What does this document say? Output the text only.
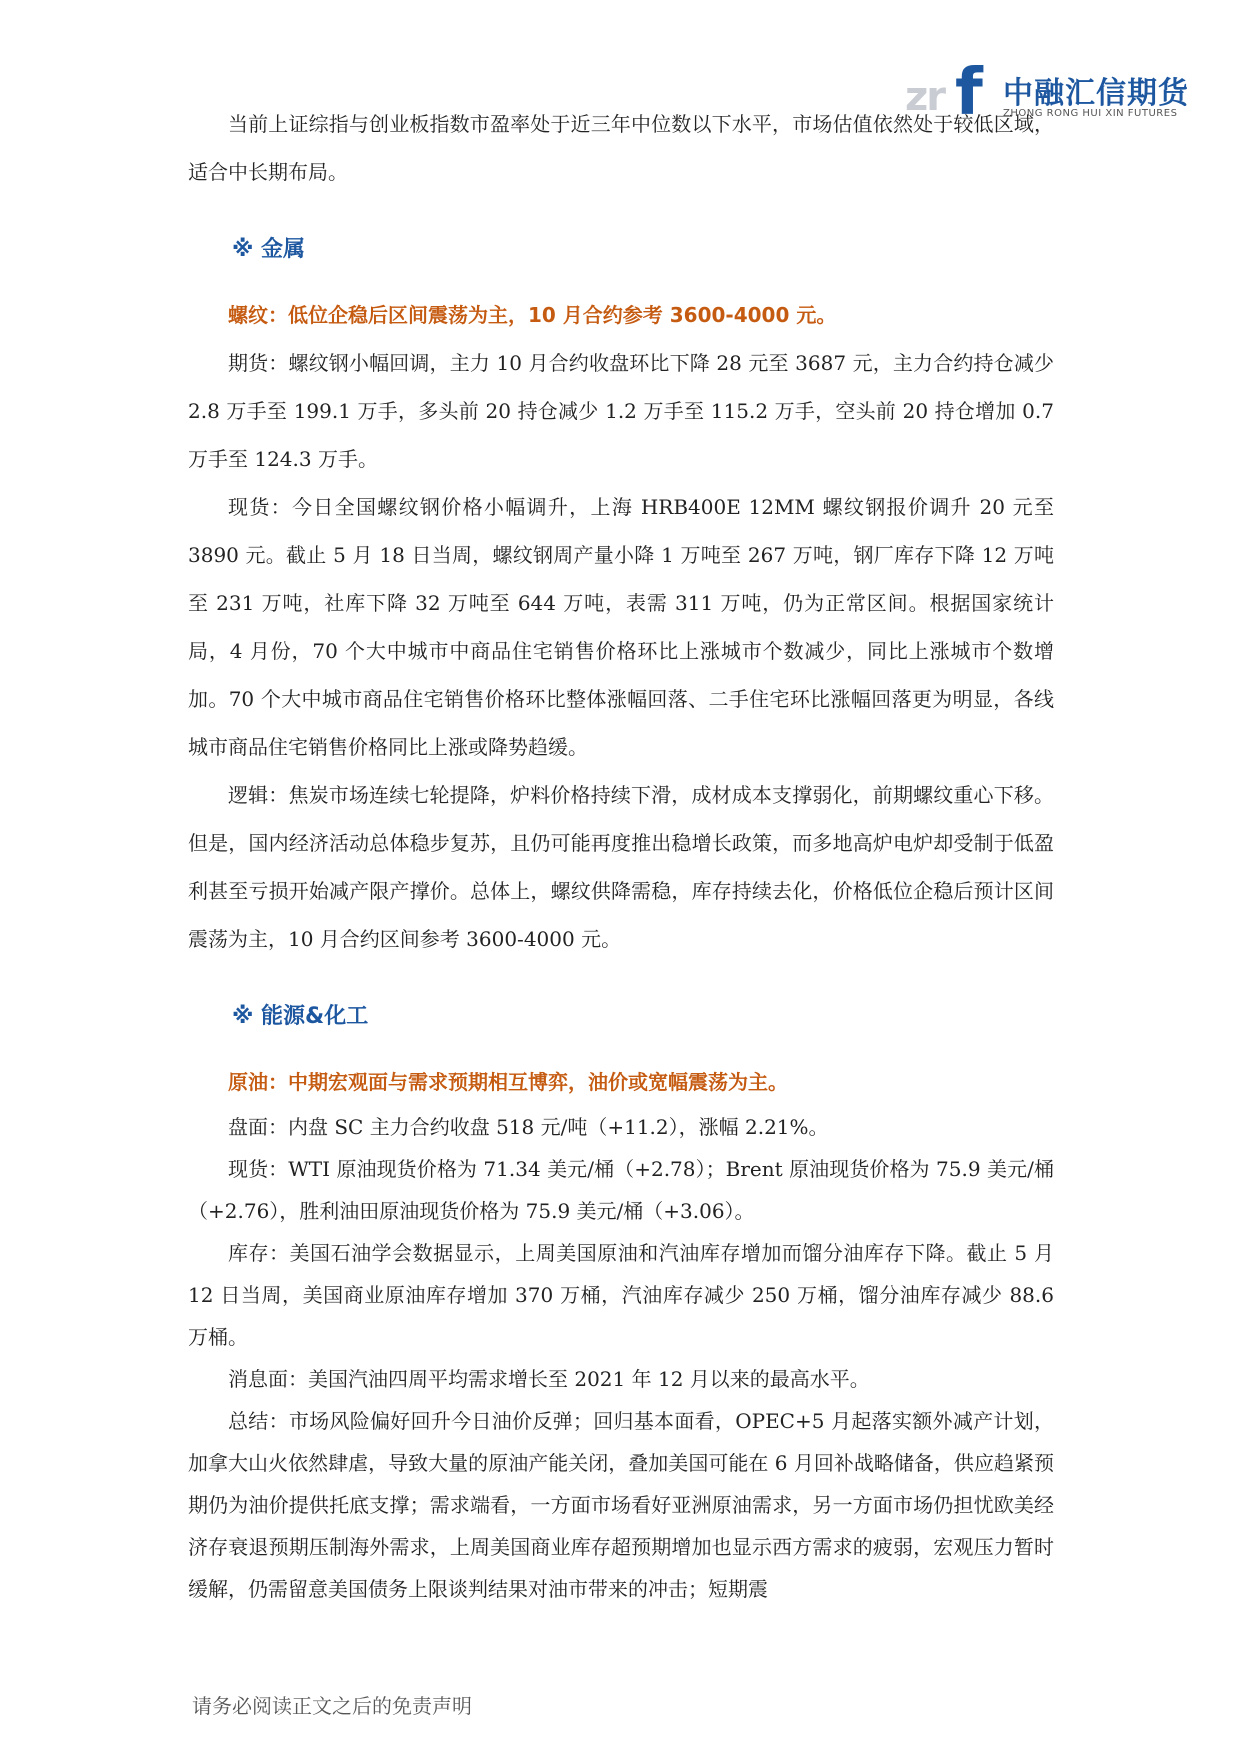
zr f 中融汇信期货
ZHONG RONG HUI XIN FUTURES

当前上证综指与创业板指数市盈率处于近三年中位数以下水平，市场估值依然处于较低区域，适合中长期布局。

※ 金属

螺纹：低位企稳后区间震荡为主，10 月合约参考 3600-4000 元。

期货：螺纹钢小幅回调，主力 10 月合约收盘环比下降 28 元至 3687 元，主力合约持仓减少 2.8 万手至 199.1 万手，多头前 20 持仓减少 1.2 万手至 115.2 万手，空头前 20 持仓增加 0.7 万手至 124.3 万手。

现货：今日全国螺纹钢价格小幅调升，上海 HRB400E 12MM 螺纹钢报价调升 20 元至 3890 元。截止 5 月 18 日当周，螺纹钢周产量小降 1 万吨至 267 万吨，钢厂库存下降 12 万吨至 231 万吨，社库下降 32 万吨至 644 万吨，表需 311 万吨，仍为正常区间。根据国家统计局，4 月份，70 个大中城市中商品住宅销售价格环比上涨城市个数减少，同比上涨城市个数增加。70 个大中城市商品住宅销售价格环比整体涨幅回落、二手住宅环比涨幅回落更为明显，各线城市商品住宅销售价格同比上涨或降势趋缓。

逻辑：焦炭市场连续七轮提降，炉料价格持续下滑，成材成本支撑弱化，前期螺纹重心下移。但是，国内经济活动总体稳步复苏，且仍可能再度推出稳增长政策，而多地高炉电炉却受制于低盈利甚至亏损开始减产限产撑价。总体上，螺纹供降需稳，库存持续去化，价格低位企稳后预计区间震荡为主，10 月合约区间参考 3600-4000 元。

※ 能源&化工

原油：中期宏观面与需求预期相互博弈，油价或宽幅震荡为主。

盘面：内盘 SC 主力合约收盘 518 元/吨（+11.2），涨幅 2.21%。

现货：WTI 原油现货价格为 71.34 美元/桶（+2.78）；Brent 原油现货价格为 75.9 美元/桶（+2.76），胜利油田原油现货价格为 75.9 美元/桶（+3.06）。

库存：美国石油学会数据显示，上周美国原油和汽油库存增加而馏分油库存下降。截止 5 月 12 日当周，美国商业原油库存增加 370 万桶，汽油库存减少 250 万桶，馏分油库存减少 88.6 万桶。

消息面：美国汽油四周平均需求增长至 2021 年 12 月以来的最高水平。

总结：市场风险偏好回升今日油价反弹；回归基本面看，OPEC+5 月起落实额外减产计划，加拿大山火依然肆虐，导致大量的原油产能关闭，叠加美国可能在 6 月回补战略储备，供应趋紧预期仍为油价提供托底支撑；需求端看，一方面市场看好亚洲原油需求，另一方面市场仍担忧欧美经济存衰退预期压制海外需求，上周美国商业库存超预期增加也显示西方需求的疲弱，宏观压力暂时缓解，仍需留意美国债务上限谈判结果对油市带来的冲击；短期震

请务必阅读正文之后的免责声明
